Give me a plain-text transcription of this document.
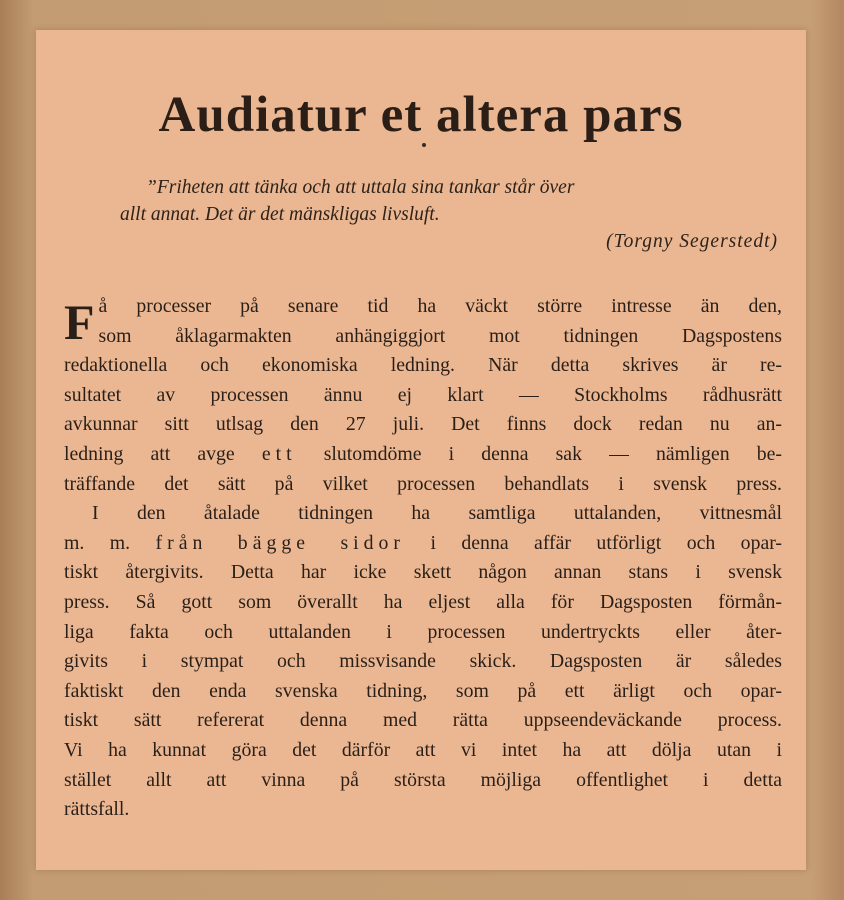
Audiatur et altera pars
”Friheten att tänka och att uttala sina tankar står över
allt annat. Det är det mänskligas livsluft.
(Torgny Segerstedt)

F å processer på senare tid ha väckt större intresse än den,
som åklagarmakten anhängiggjort mot tidningen Dagspostens
redaktionella och ekonomiska ledning. När detta skrives är re-
sultatet av processen ännu ej klart — Stockholms rådhusrätt
avkunnar sitt utlsag den 27 juli. Det finns dock redan nu an-
ledning att avge ett slutomdöme i denna sak — nämligen be-
träffande det sätt på vilket processen behandlats i svensk press.

I den åtalade tidningen ha samtliga uttalanden, vittnesmål
m. m. från bägge sidor i denna affär utförligt och opar-
tiskt återgivits. Detta har icke skett någon annan stans i svensk
press. Så gott som överallt ha eljest alla för Dagsposten förmån-
liga fakta och uttalanden i processen undertryckts eller åter-
givits i stympat och missvisande skick. Dagsposten är således
faktiskt den enda svenska tidning, som på ett ärligt och opar-
tiskt sätt refererat denna med rätta uppseendeväckande process.
Vi ha kunnat göra det därför att vi intet ha att dölja utan i
stället allt att vinna på största möjliga offentlighet i detta
rättsfall.
